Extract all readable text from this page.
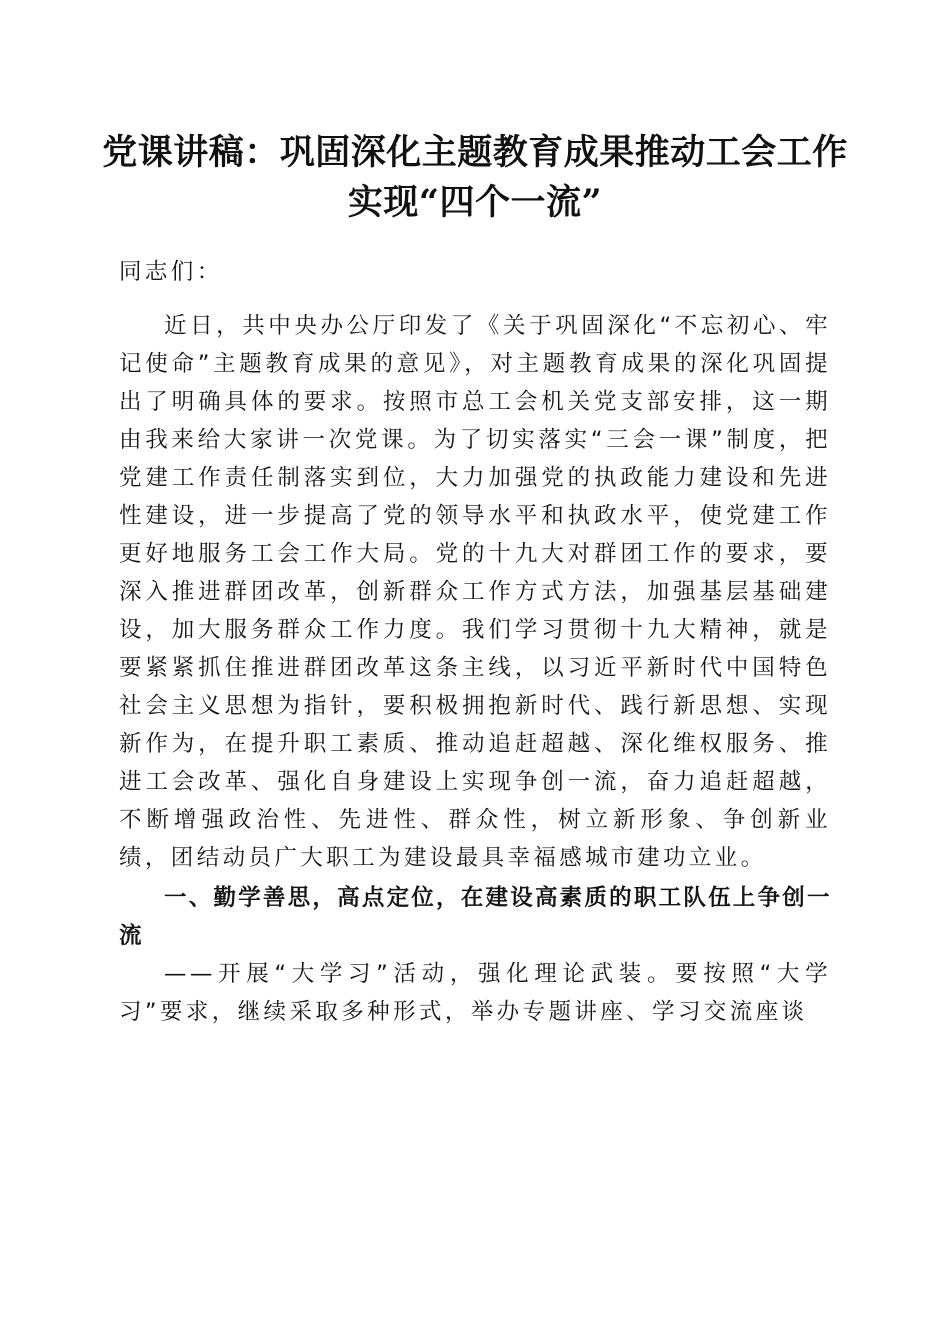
党课讲稿：巩固深化主题教育成果推动工会工作实现“四个一流”

同志们：

近日，共中央办公厅印发了《关于巩固深化“不忘初心、牢记使命”主题教育成果的意见》，对主题教育成果的深化巩固提出了明确具体的要求。按照市总工会机关党支部安排，这一期由我来给大家讲一次党课。为了切实落实“三会一课”制度，把党建工作责任制落实到位，大力加强党的执政能力建设和先进性建设，进一步提高了党的领导水平和执政水平，使党建工作更好地服务工会工作大局。党的十九大对群团工作的要求，要深入推进群团改革，创新群众工作方式方法，加强基层基础建设，加大服务群众工作力度。我们学习贯彻十九大精神，就是要紧紧抓住推进群团改革这条主线，以习近平新时代中国特色社会主义思想为指针，要积极拥抱新时代、践行新思想、实现新作为，在提升职工素质、推动追赶超越、深化维权服务、推进工会改革、强化自身建设上实现争创一流，奋力追赶超越，不断增强政治性、先进性、群众性，树立新形象、争创新业绩，团结动员广大职工为建设最具幸福感城市建功立业。

一、勤学善思，高点定位，在建设高素质的职工队伍上争创一流

——开展“大学习”活动，强化理论武装。要按照“大学习”要求，继续采取多种形式，举办专题讲座、学习交流座谈
